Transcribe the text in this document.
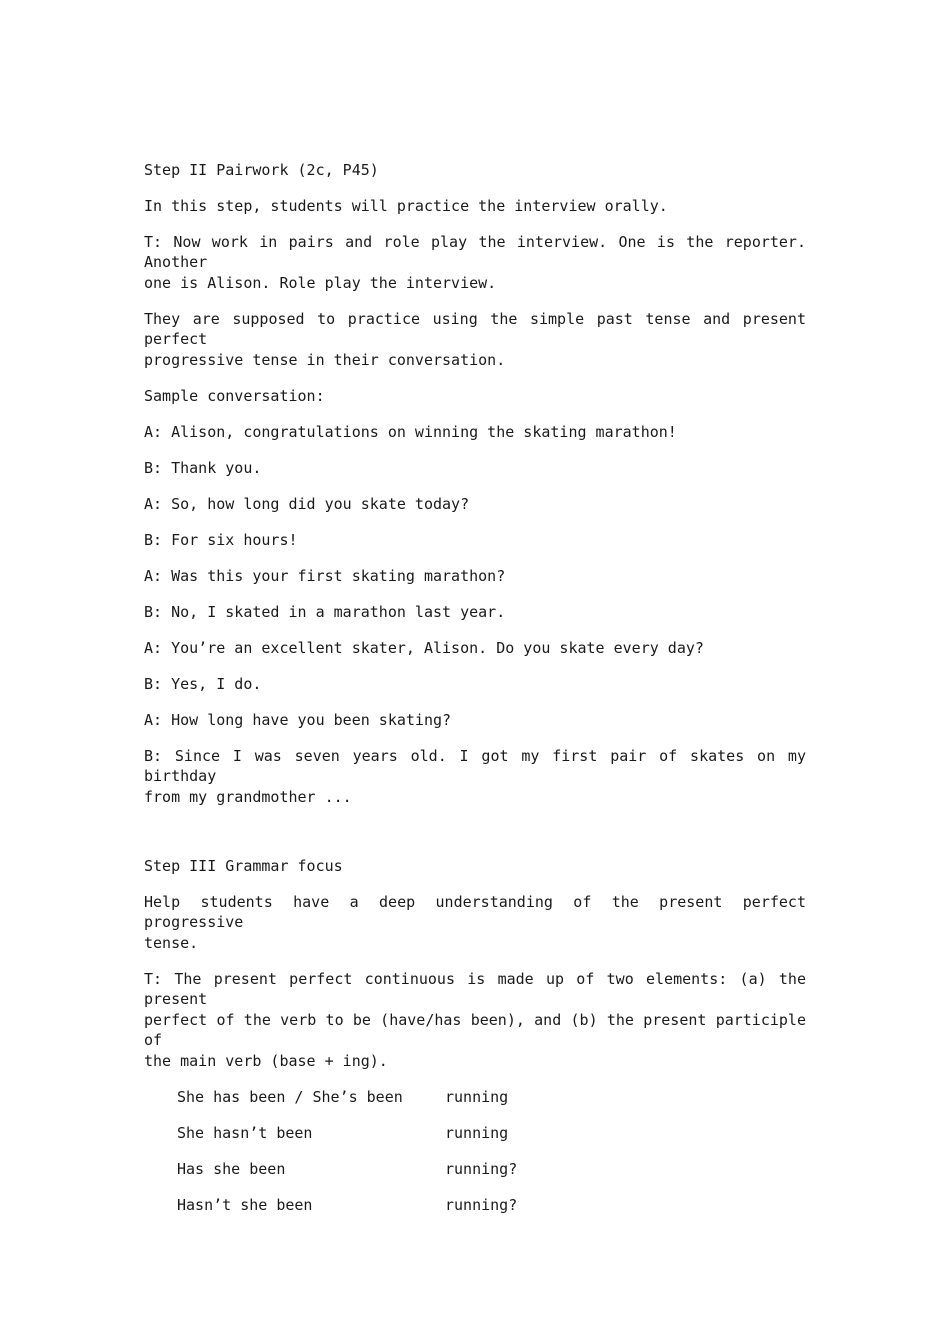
Step II Pairwork (2c, P45)
In this step, students will practice the interview orally.
T: Now work in pairs and role play the interview. One is the reporter. Another
one is Alison. Role play the interview.
They are supposed to practice using the simple past tense and present perfect
progressive tense in their conversation.
Sample conversation:
A: Alison, congratulations on winning the skating marathon!
B: Thank you.
A: So, how long did you skate today?
B: For six hours!
A: Was this your first skating marathon?
B: No, I skated in a marathon last year.
A: You’re an excellent skater, Alison. Do you skate every day?
B: Yes, I do.
A: How long have you been skating?
B: Since I was seven years old. I got my first pair of skates on my birthday
from my grandmother ...
Step III Grammar focus
Help students have a deep understanding of the present perfect progressive
tense.
T: The present perfect continuous is made up of two elements: (a) the present
perfect of the verb to be (have/has been), and (b) the present participle of
the main verb (base + ing).
She has been / She’s been	running
She hasn’t been	running
Has she been	running?
Hasn’t she been	running?
